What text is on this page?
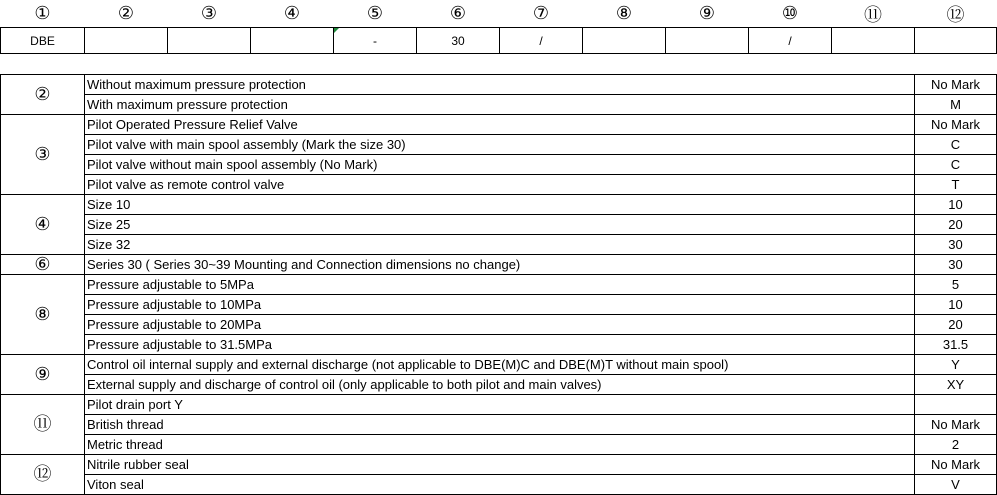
①	②	③	④	⑤	⑥	⑦	⑧	⑨	⑩	⑪	⑫
DBE				-	30	/			/		
②	Without maximum pressure protection	No Mark
	With maximum pressure protection	M
③	Pilot Operated Pressure Relief Valve	No Mark
	Pilot valve with main spool assembly (Mark the size 30)	C
	Pilot valve without main spool assembly (No Mark)	C
	Pilot valve as remote control valve	T
④	Size 10	10
	Size 25	20
	Size 32	30
⑥	Series 30 ( Series 30~39 Mounting and Connection dimensions no change)	30
⑧	Pressure adjustable to 5MPa	5
	Pressure adjustable to 10MPa	10
	Pressure adjustable to 20MPa	20
	Pressure adjustable to 31.5MPa	31.5
⑨	Control oil internal supply and external discharge (not applicable to DBE(M)C and DBE(M)T without main spool)	Y
	External supply and discharge of control oil (only applicable to both pilot and main valves)	XY
⑪	Pilot drain port Y	
	British thread	No Mark
	Metric thread	2
⑫	Nitrile rubber seal	No Mark
	Viton seal	V
